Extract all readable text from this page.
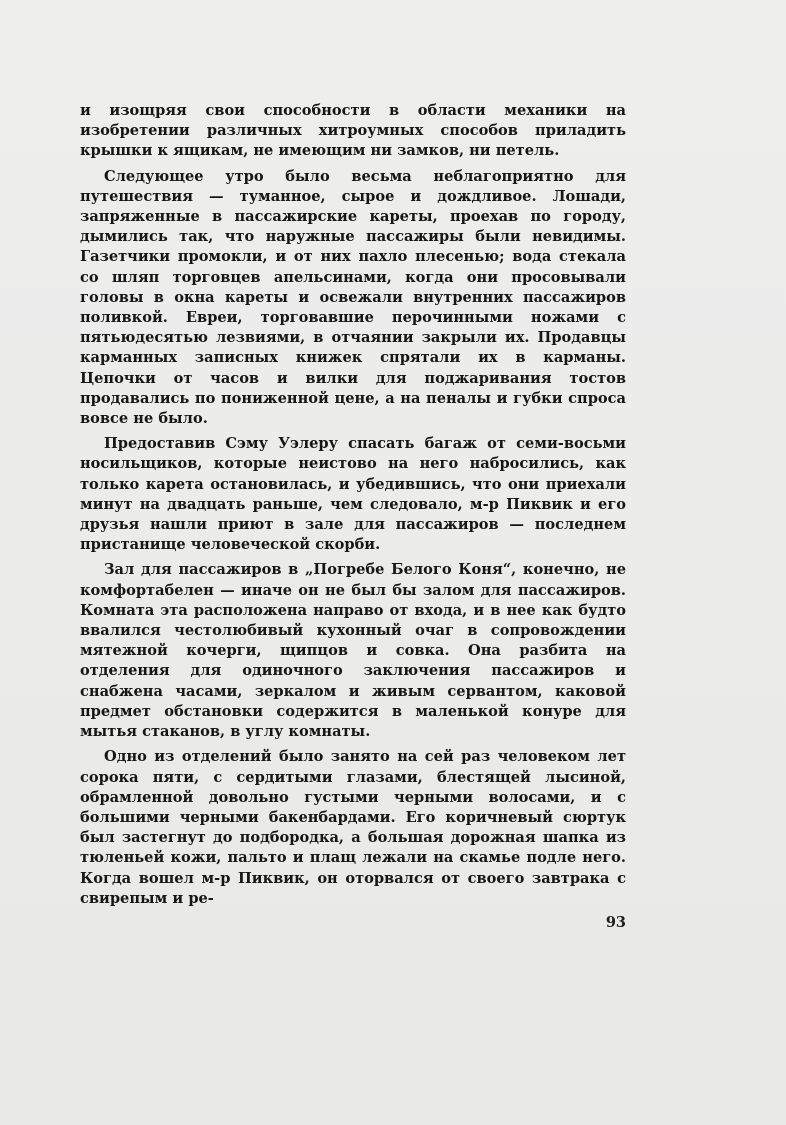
и изощряя свои способности в области механики на изобретении различных хитроумных способов приладить крышки к ящикам, не имеющим ни замков, ни петель.

Следующее утро было весьма неблагоприятно для путешествия — туманное, сырое и дождливое. Лошади, запряженные в пассажирские кареты, проехав по городу, дымились так, что наружные пассажиры были невидимы. Газетчики промокли, и от них пахло плесенью; вода стекала со шляп торговцев апельсинами, когда они просовывали головы в окна кареты и освежали внутренних пассажиров поливкой. Евреи, торговавшие перочинными ножами с пятьюдесятью лезвиями, в отчаянии закрыли их. Продавцы карманных записных книжек спрятали их в карманы. Цепочки от часов и вилки для поджаривания тостов продавались по пониженной цене, а на пеналы и губки спроса вовсе не было.

Предоставив Сэму Уэлеру спасать багаж от семи-восьми носильщиков, которые неистово на него набросились, как только карета остановилась, и убедившись, что они приехали минут на двадцать раньше, чем следовало, м-р Пиквик и его друзья нашли приют в зале для пассажиров — последнем пристанище человеческой скорби.

Зал для пассажиров в „Погребе Белого Коня“, конечно, не комфортабелен — иначе он не был бы залом для пассажиров. Комната эта расположена направо от входа, и в нее как будто ввалился честолюбивый кухонный очаг в сопровождении мятежной кочерги, щипцов и совка. Она разбита на отделения для одиночного заключения пассажиров и снабжена часами, зеркалом и живым сервантом, каковой предмет обстановки содержится в маленькой конуре для мытья стаканов, в углу комнаты.

Одно из отделений было занято на сей раз человеком лет сорока пяти, с сердитыми глазами, блестящей лысиной, обрамленной довольно густыми черными волосами, и с большими черными бакенбардами. Его коричневый сюртук был застегнут до подбородка, а большая дорожная шапка из тюленьей кожи, пальто и плащ лежали на скамье подле него. Когда вошел м-р Пиквик, он оторвался от своего завтрака с свирепым и ре-

93
